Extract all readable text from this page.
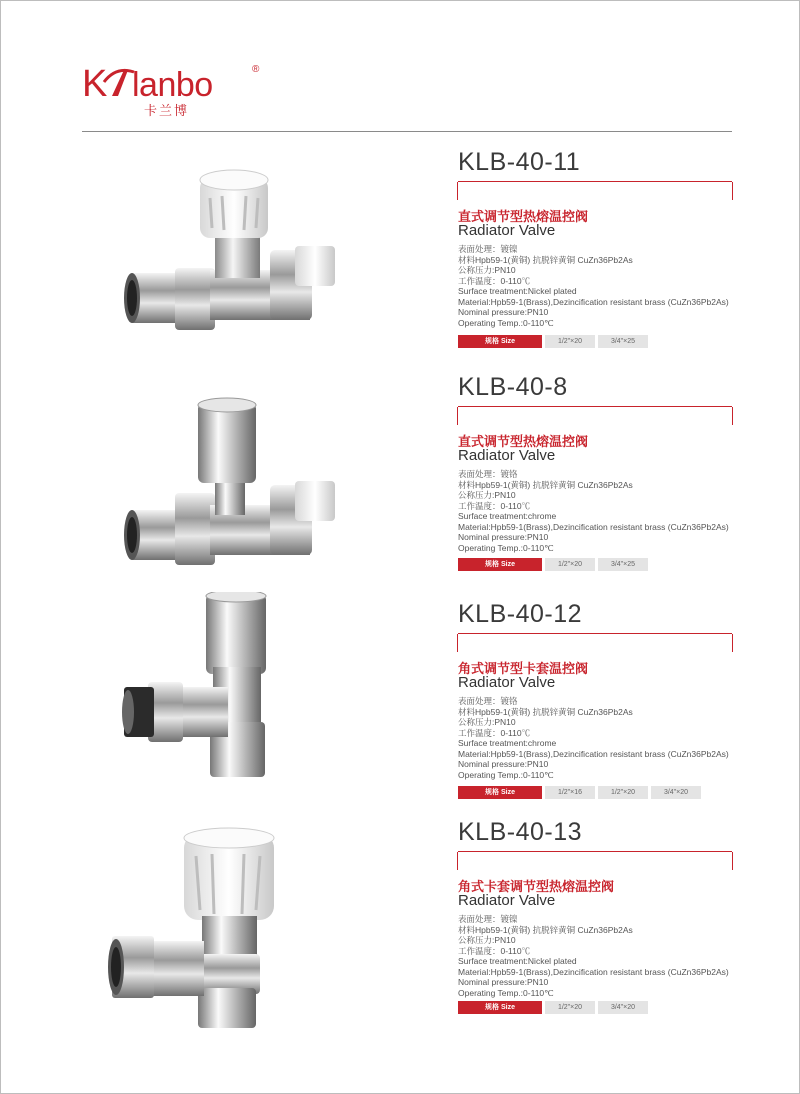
K lanbo	®
卡兰博
KLB-40-11
直式调节型热熔温控阀
Radiator Valve
表面处理：镀镍
材料Hpb59-1(黄铜) 抗脱锌黄铜 CuZn36Pb2As
公称压力:PN10
工作温度：0-110℃
Surface treatment:Nickel plated
Material:Hpb59-1(Brass),Dezincification resistant brass (CuZn36Pb2As)
Nominal pressure:PN10
Operating Temp.:0-110℃
规格 Size	1/2"×20	3/4"×25
KLB-40-8
直式调节型热熔温控阀
Radiator Valve
表面处理：镀铬
材料Hpb59-1(黄铜) 抗脱锌黄铜 CuZn36Pb2As
公称压力:PN10
工作温度：0-110℃
Surface treatment:chrome
Material:Hpb59-1(Brass),Dezincification resistant brass (CuZn36Pb2As)
Nominal pressure:PN10
Operating Temp.:0-110℃
规格 Size	1/2"×20	3/4"×25
KLB-40-12
角式调节型卡套温控阀
Radiator Valve
表面处理：镀铬
材料Hpb59-1(黄铜) 抗脱锌黄铜 CuZn36Pb2As
公称压力:PN10
工作温度：0-110℃
Surface treatment:chrome
Material:Hpb59-1(Brass),Dezincification resistant brass (CuZn36Pb2As)
Nominal pressure:PN10
Operating Temp.:0-110℃
规格 Size	1/2"×16	1/2"×20	3/4"×20
KLB-40-13
角式卡套调节型热熔温控阀
Radiator Valve
表面处理：镀镍
材料Hpb59-1(黄铜) 抗脱锌黄铜 CuZn36Pb2As
公称压力:PN10
工作温度：0-110℃
Surface treatment:Nickel plated
Material:Hpb59-1(Brass),Dezincification resistant brass (CuZn36Pb2As)
Nominal pressure:PN10
Operating Temp.:0-110℃
规格 Size	1/2"×20	3/4"×20
